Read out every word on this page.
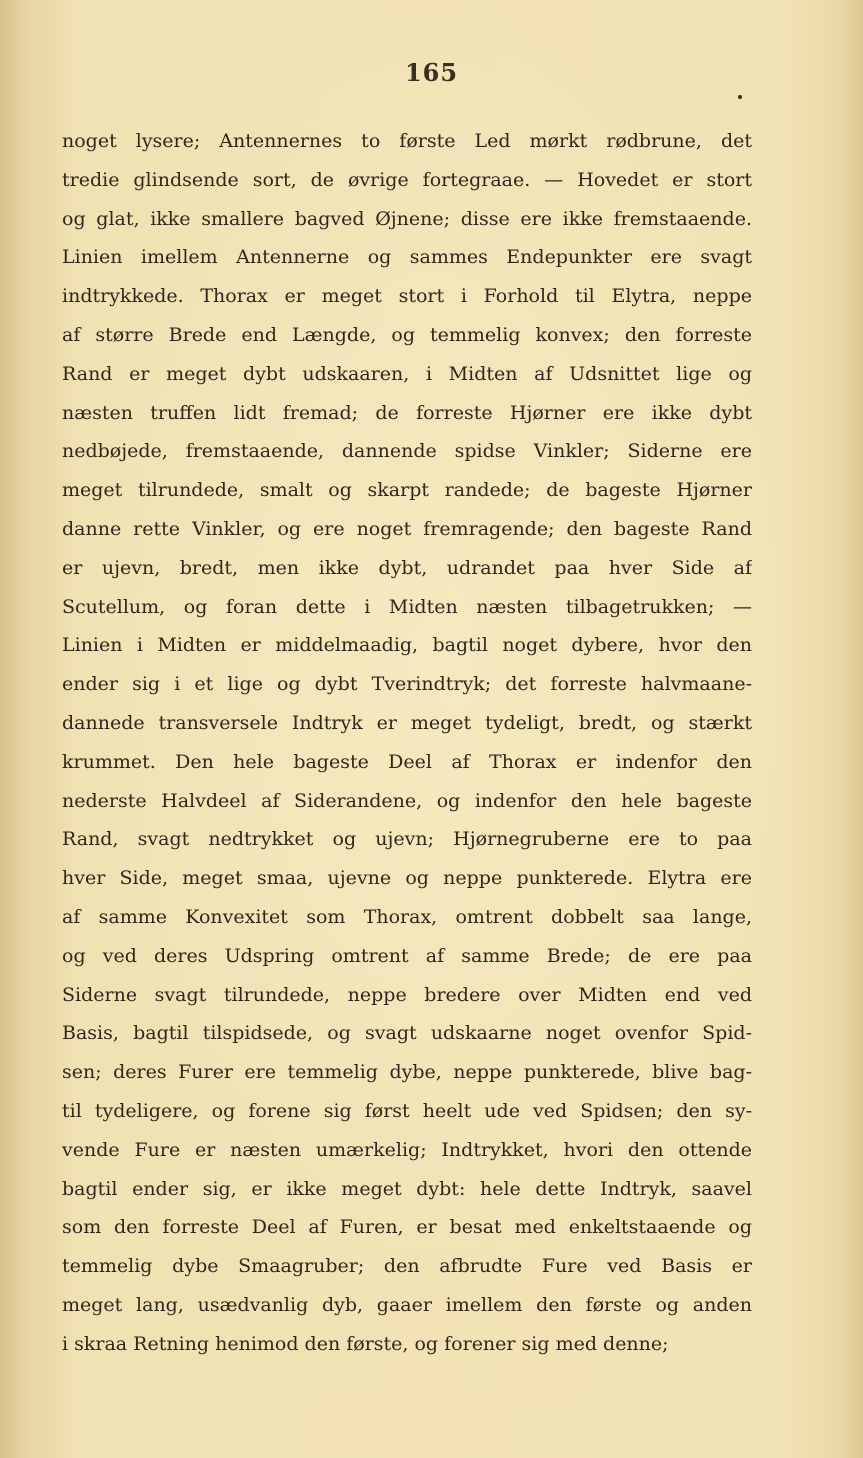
165
noget lysere; Antennernes to første Led mørkt rødbrune, det
tredie glindsende sort, de øvrige fortegraae. — Hovedet er stort
og glat, ikke smallere bagved Øjnene; disse ere ikke fremstaaende.
Linien imellem Antennerne og sammes Endepunkter ere svagt
indtrykkede. Thorax er meget stort i Forhold til Elytra, neppe
af større Brede end Længde, og temmelig konvex; den forreste
Rand er meget dybt udskaaren, i Midten af Udsnittet lige og
næsten truffen lidt fremad; de forreste Hjørner ere ikke dybt
nedbøjede, fremstaaende, dannende spidse Vinkler; Siderne ere
meget tilrundede, smalt og skarpt randede; de bageste Hjørner
danne rette Vinkler, og ere noget fremragende; den bageste Rand
er ujevn, bredt, men ikke dybt, udrandet paa hver Side af
Scutellum, og foran dette i Midten næsten tilbagetrukken; —
Linien i Midten er middelmaadig, bagtil noget dybere, hvor den
ender sig i et lige og dybt Tverindtryk; det forreste halvmaane-
dannede transversele Indtryk er meget tydeligt, bredt, og stærkt
krummet. Den hele bageste Deel af Thorax er indenfor den
nederste Halvdeel af Siderandene, og indenfor den hele bageste
Rand, svagt nedtrykket og ujevn; Hjørnegruberne ere to paa
hver Side, meget smaa, ujevne og neppe punkterede. Elytra ere
af samme Konvexitet som Thorax, omtrent dobbelt saa lange,
og ved deres Udspring omtrent af samme Brede; de ere paa
Siderne svagt tilrundede, neppe bredere over Midten end ved
Basis, bagtil tilspidsede, og svagt udskaarne noget ovenfor Spid-
sen; deres Furer ere temmelig dybe, neppe punkterede, blive bag-
til tydeligere, og forene sig først heelt ude ved Spidsen; den sy-
vende Fure er næsten umærkelig; Indtrykket, hvori den ottende
bagtil ender sig, er ikke meget dybt: hele dette Indtryk, saavel
som den forreste Deel af Furen, er besat med enkeltstaaende og
temmelig dybe Smaagruber; den afbrudte Fure ved Basis er
meget lang, usædvanlig dyb, gaaer imellem den første og anden
i skraa Retning henimod den første, og forener sig med denne;
